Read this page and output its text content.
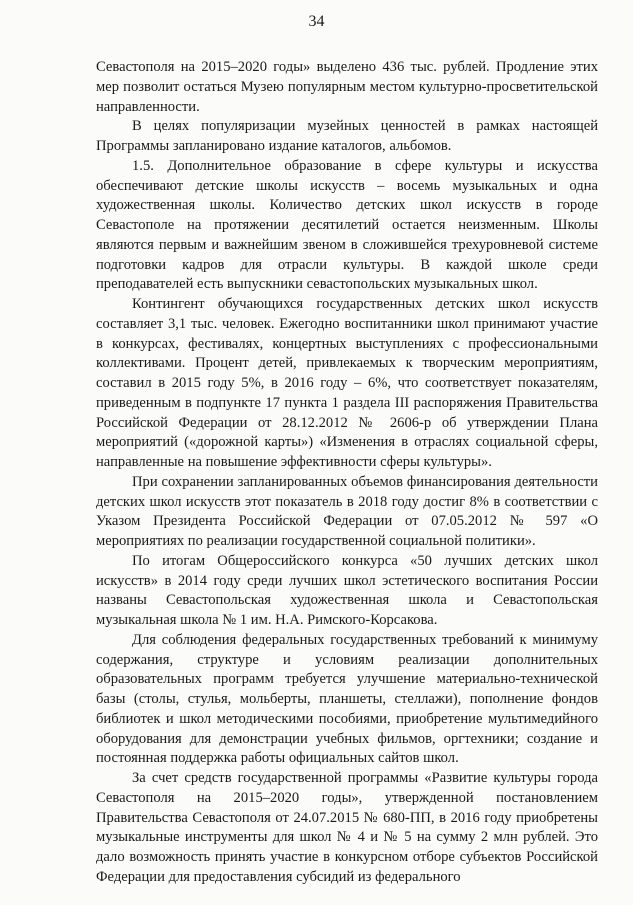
34

Севастополя на 2015–2020 годы» выделено 436 тыс. рублей. Продление этих мер позволит остаться Музею популярным местом культурно-просветительской направленности.

В целях популяризации музейных ценностей в рамках настоящей Программы запланировано издание каталогов, альбомов.

1.5. Дополнительное образование в сфере культуры и искусства обеспечивают детские школы искусств – восемь музыкальных и одна художественная школы. Количество детских школ искусств в городе Севастополе на протяжении десятилетий остается неизменным. Школы являются первым и важнейшим звеном в сложившейся трехуровневой системе подготовки кадров для отрасли культуры. В каждой школе среди преподавателей есть выпускники севастопольских музыкальных школ.

Контингент обучающихся государственных детских школ искусств составляет 3,1 тыс. человек. Ежегодно воспитанники школ принимают участие в конкурсах, фестивалях, концертных выступлениях с профессиональными коллективами. Процент детей, привлекаемых к творческим мероприятиям, составил в 2015 году 5%, в 2016 году – 6%, что соответствует показателям, приведенным в подпункте 17 пункта 1 раздела III распоряжения Правительства Российской Федерации от 28.12.2012 № 2606-р об утверждении Плана мероприятий («дорожной карты») «Изменения в отраслях социальной сферы, направленные на повышение эффективности сферы культуры».

При сохранении запланированных объемов финансирования деятельности детских школ искусств этот показатель в 2018 году достиг 8% в соответствии с Указом Президента Российской Федерации от 07.05.2012 № 597 «О мероприятиях по реализации государственной социальной политики».

По итогам Общероссийского конкурса «50 лучших детских школ искусств» в 2014 году среди лучших школ эстетического воспитания России названы Севастопольская художественная школа и Севастопольская музыкальная школа № 1 им. Н.А. Римского-Корсакова.

Для соблюдения федеральных государственных требований к минимуму содержания, структуре и условиям реализации дополнительных образовательных программ требуется улучшение материально-технической базы (столы, стулья, мольберты, планшеты, стеллажи), пополнение фондов библиотек и школ методическими пособиями, приобретение мультимедийного оборудования для демонстрации учебных фильмов, оргтехники; создание и постоянная поддержка работы официальных сайтов школ.

За счет средств государственной программы «Развитие культуры города Севастополя на 2015–2020 годы», утвержденной постановлением Правительства Севастополя от 24.07.2015 № 680-ПП, в 2016 году приобретены музыкальные инструменты для школ № 4 и № 5 на сумму 2 млн рублей. Это дало возможность принять участие в конкурсном отборе субъектов Российской Федерации для предоставления субсидий из федерального
